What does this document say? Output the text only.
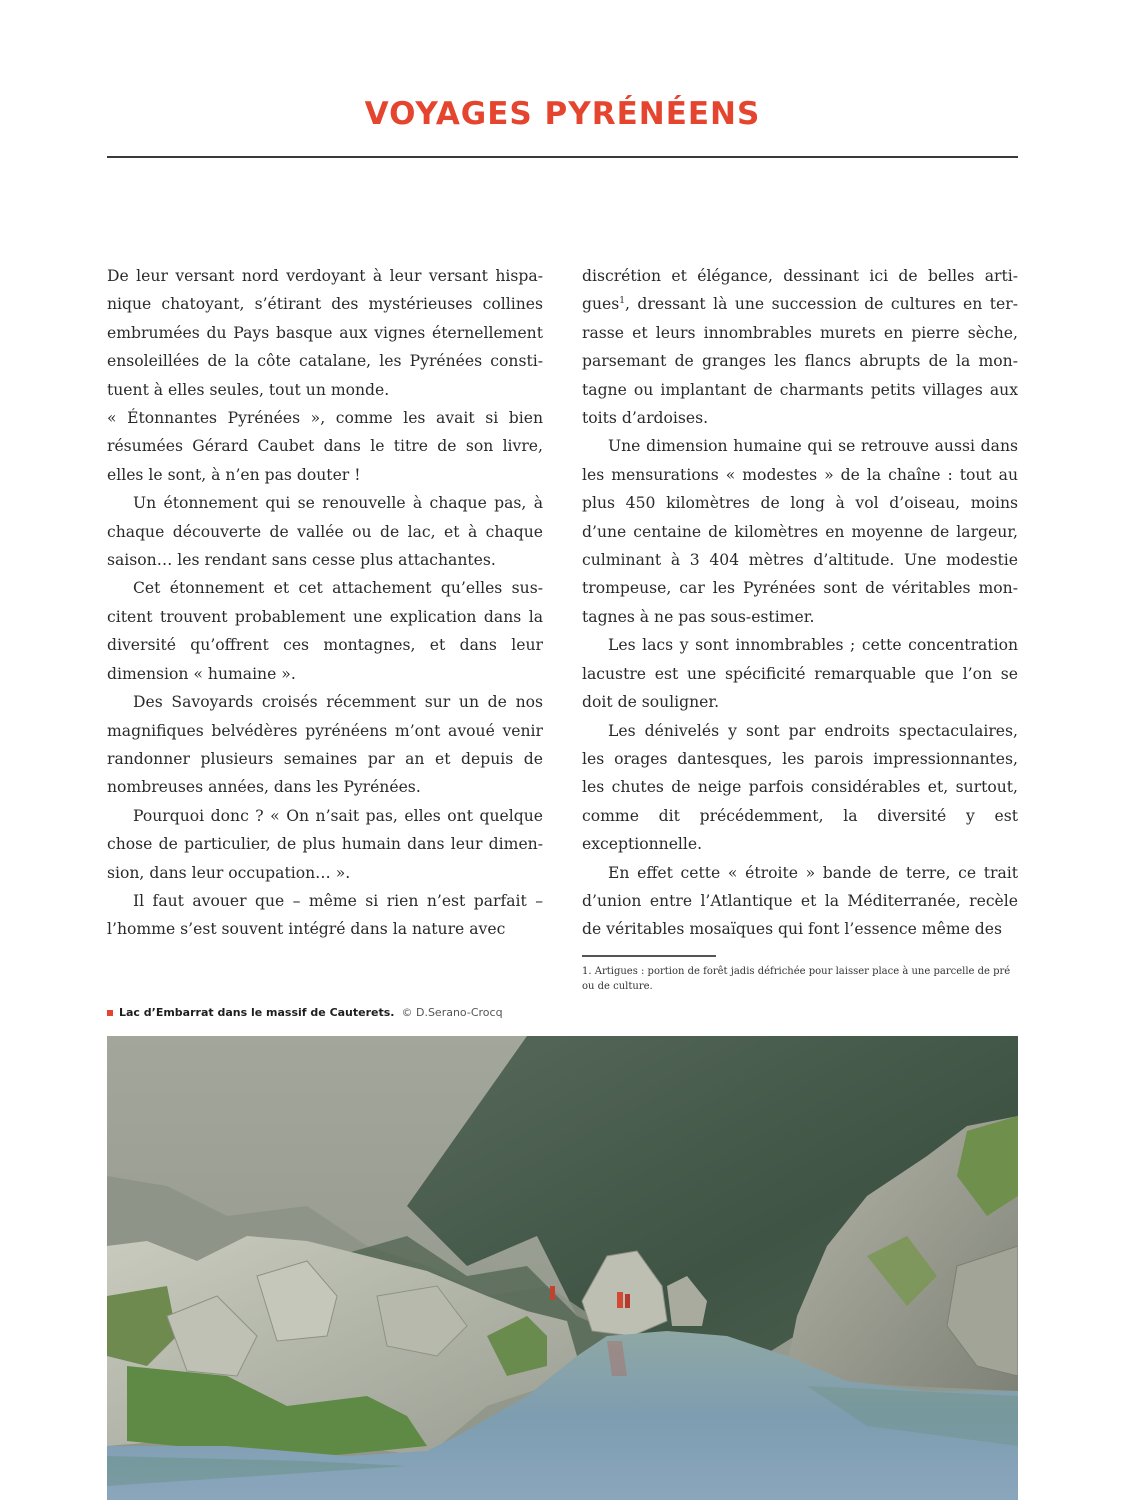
VOYAGES PYRÉNÉENS

De leur versant nord verdoyant à leur versant hispanique chatoyant, s’étirant des mystérieuses collines embrumées du Pays basque aux vignes éternellement ensoleillées de la côte catalane, les Pyrénées constituent à elles seules, tout un monde.

« Étonnantes Pyrénées », comme les avait si bien résumées Gérard Caubet dans le titre de son livre, elles le sont, à n’en pas douter !

Un étonnement qui se renouvelle à chaque pas, à chaque découverte de vallée ou de lac, et à chaque saison… les rendant sans cesse plus attachantes.

Cet étonnement et cet attachement qu’elles suscitent trouvent probablement une explication dans la diversité qu’offrent ces montagnes, et dans leur dimension « humaine ».

Des Savoyards croisés récemment sur un de nos magnifiques belvédères pyrénéens m’ont avoué venir randonner plusieurs semaines par an et depuis de nombreuses années, dans les Pyrénées.

Pourquoi donc ? « On n’sait pas, elles ont quelque chose de particulier, de plus humain dans leur dimension, dans leur occupation… ».

Il faut avouer que – même si rien n’est parfait – l’homme s’est souvent intégré dans la nature avec

discrétion et élégance, dessinant ici de belles artigues$^1$, dressant là une succession de cultures en terrasse et leurs innombrables murets en pierre sèche, parsemant de granges les flancs abrupts de la montagne ou implantant de charmants petits villages aux toits d’ardoises.

Une dimension humaine qui se retrouve aussi dans les mensurations « modestes » de la chaîne : tout au plus 450 kilomètres de long à vol d’oiseau, moins d’une centaine de kilomètres en moyenne de largeur, culminant à 3 404 mètres d’altitude. Une modestie trompeuse, car les Pyrénées sont de véritables montagnes à ne pas sous-estimer.

Les lacs y sont innombrables ; cette concentration lacustre est une spécificité remarquable que l’on se doit de souligner.

Les dénivelés y sont par endroits spectaculaires, les orages dantesques, les parois impressionnantes, les chutes de neige parfois considérables et, surtout, comme dit précédemment, la diversité y est exceptionnelle.

En effet cette « étroite » bande de terre, ce trait d’union entre l’Atlantique et la Méditerranée, recèle de véritables mosaïques qui font l’essence même des

1. Artigues : portion de forêt jadis défrichée pour laisser place à une parcelle de pré ou de culture.
Lac d’Embarrat dans le massif de Cauterets. © D.Serano-Crocq
